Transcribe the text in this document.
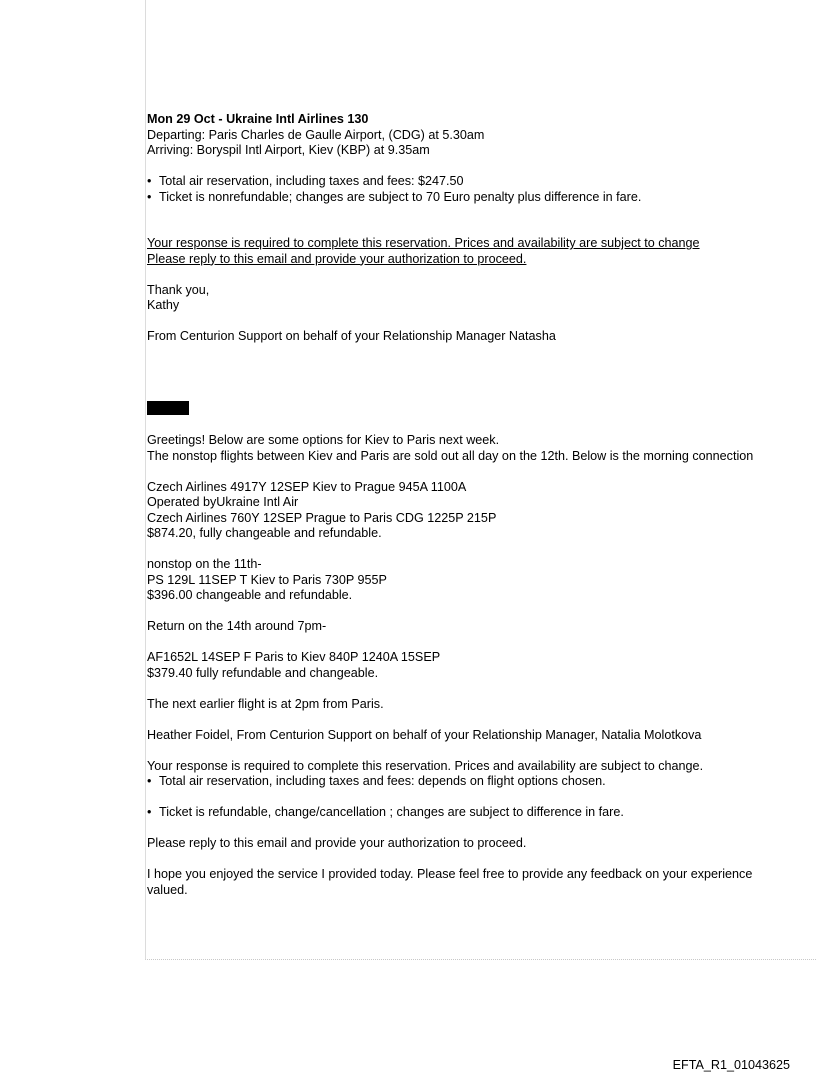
Mon 29 Oct - Ukraine Intl Airlines 130
Departing: Paris Charles de Gaulle Airport, (CDG) at 5.30am
Arriving: Boryspil Intl Airport, Kiev (KBP) at 9.35am
• Total air reservation, including taxes and fees: $247.50
• Ticket is nonrefundable; changes are subject to 70 Euro penalty plus difference in fare.
Your response is required to complete this reservation. Prices and availability are subject to change
Please reply to this email and provide your authorization to proceed.
Thank you,
Kathy
From Centurion Support on behalf of your Relationship Manager Natasha
Greetings! Below are some options for Kiev to Paris next week.
The nonstop flights between Kiev and Paris are sold out all day on the 12th. Below is the morning connection
Czech Airlines 4917Y 12SEP Kiev to Prague 945A 1100A
Operated byUkraine Intl Air
Czech Airlines 760Y 12SEP Prague to Paris CDG 1225P 215P
$874.20, fully changeable and refundable.
nonstop on the 11th-
PS 129L 11SEP T Kiev to Paris 730P 955P
$396.00 changeable and refundable.
Return on the 14th around 7pm-
AF1652L 14SEP F Paris to Kiev 840P 1240A 15SEP
$379.40 fully refundable and changeable.
The next earlier flight is at 2pm from Paris.
Heather Foidel, From Centurion Support on behalf of your Relationship Manager, Natalia Molotkova
Your response is required to complete this reservation. Prices and availability are subject to change.
• Total air reservation, including taxes and fees: depends on flight options chosen.
• Ticket is refundable, change/cancellation ; changes are subject to difference in fare.
Please reply to this email and provide your authorization to proceed.
I hope you enjoyed the service I provided today. Please feel free to provide any feedback on your experience
valued.
EFTA_R1_01043625
